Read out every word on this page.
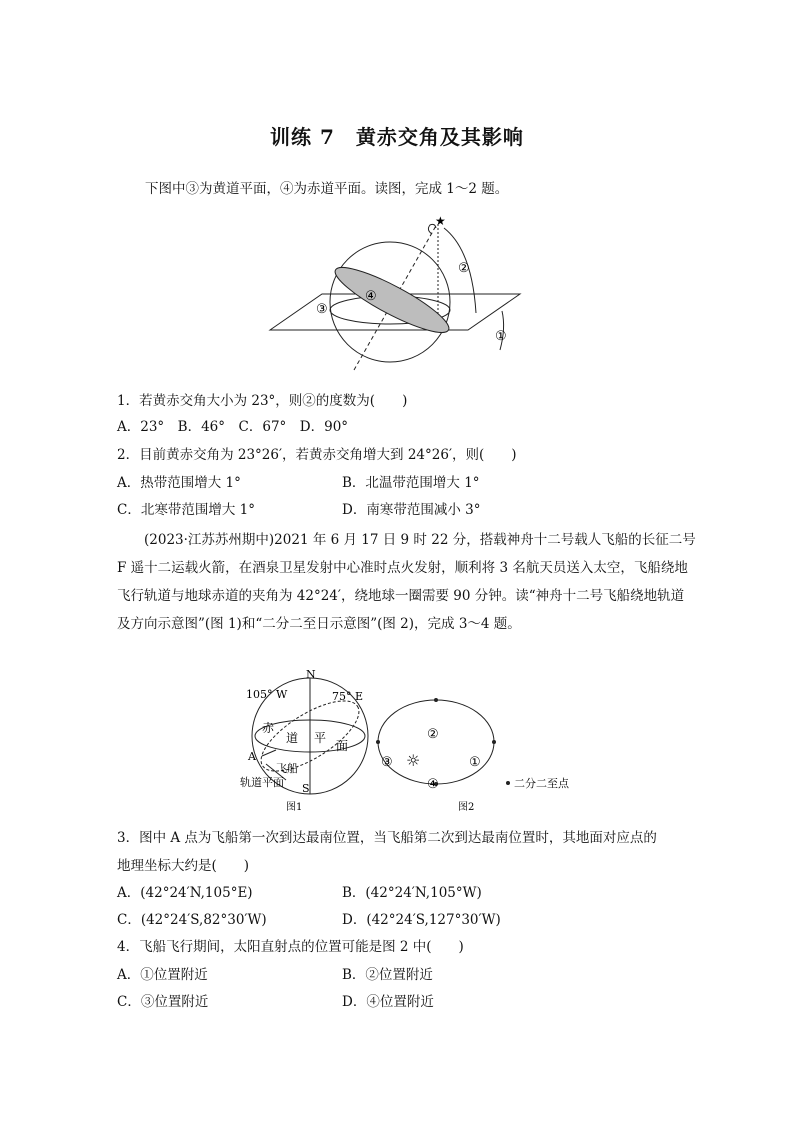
训练 7　黄赤交角及其影响
下图中③为黄道平面，④为赤道平面。读图，完成 1～2 题。
★
②
①
③
④
1．若黄赤交角大小为 23°，则②的度数为(　　)
A．23°　B．46°　C．67°　D．90°
2．目前黄赤交角为 23°26′，若黄赤交角增大到 24°26′，则(　　)
A．热带范围增大 1°	B．北温带范围增大 1°
C．北寒带范围增大 1°	D．南寒带范围减小 3°
(2023·江苏苏州期中)2021 年 6 月 17 日 9 时 22 分，搭载神舟十二号载人飞船的长征二号 F 遥十二运载火箭，在酒泉卫星发射中心准时点火发射，顺利将 3 名航天员送入太空，飞船绕地飞行轨道与地球赤道的夹角为 42°24′，绕地球一圈需要 90 分钟。读“神舟十二号飞船绕地轨道及方向示意图”(图 1)和“二分二至日示意图”(图 2)，完成 3～4 题。
105° W
N
75° E
赤
道 平
面
A
飞船
轨道平面 S
图1
②
④
③	①
☼
二分二至点
图2
3．图中 A 点为飞船第一次到达最南位置，当飞船第二次到达最南位置时，其地面对应点的
地理坐标大约是(　　)
A．(42°24′N,105°E)	B．(42°24′N,105°W)
C．(42°24′S,82°30′W)	D．(42°24′S,127°30′W)
4．飞船飞行期间，太阳直射点的位置可能是图 2 中(　　)
A．①位置附近	B．②位置附近
C．③位置附近	D．④位置附近
